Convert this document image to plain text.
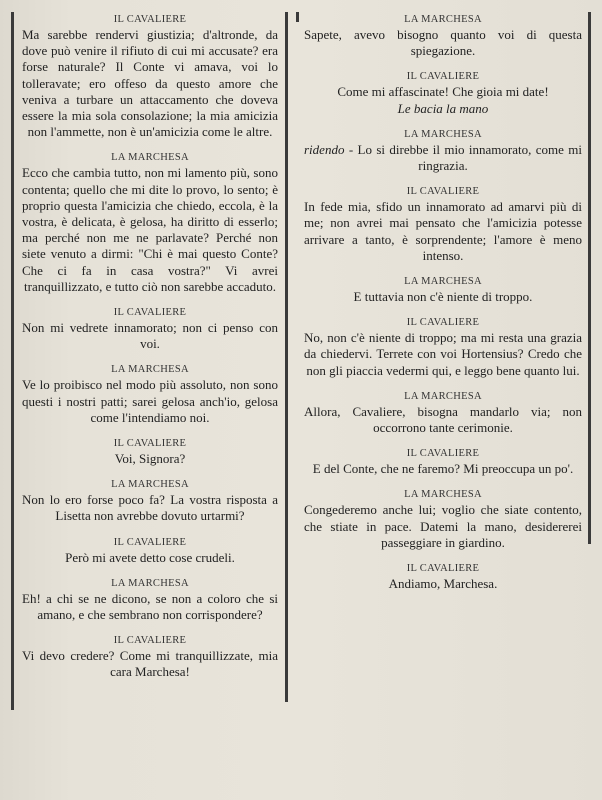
IL CAVALIERE
Ma sarebbe rendervi giustizia; d'altronde, da dove può venire il rifiuto di cui mi accusate? era forse naturale? Il Conte vi amava, voi lo tolleravate; ero offeso da questo amore che veniva a turbare un attaccamento che doveva essere la mia sola consolazione; la mia amicizia non l'ammette, non è un'amicizia come le altre.
LA MARCHESA
Ecco che cambia tutto, non mi lamento più, sono contenta; quello che mi dite lo provo, lo sento; è proprio questa l'amicizia che chiedo, eccola, è la vostra, è delicata, è gelosa, ha diritto di esserlo; ma perché non me ne parlavate? Perché non siete venuto a dirmi: "Chi è mai questo Conte? Che ci fa in casa vostra?" Vi avrei tranquillizzato, e tutto ciò non sarebbe accaduto.
IL CAVALIERE
Non mi vedrete innamorato; non ci penso con voi.
LA MARCHESA
Ve lo proibisco nel modo più assoluto, non sono questi i nostri patti; sarei gelosa anch'io, gelosa come l'intendiamo noi.
IL CAVALIERE
Voi, Signora?
LA MARCHESA
Non lo ero forse poco fa? La vostra risposta a Lisetta non avrebbe dovuto urtarmi?
IL CAVALIERE
Però mi avete detto cose crudeli.
LA MARCHESA
Eh! a chi se ne dicono, se non a coloro che si amano, e che sembrano non corrispondere?
IL CAVALIERE
Vi devo credere? Come mi tranquillizzate, mia cara Marchesa!
LA MARCHESA
Sapete, avevo bisogno quanto voi di questa spiegazione.
IL CAVALIERE
Come mi affascinate! Che gioia mi date!
Le bacia la mano
LA MARCHESA
ridendo - Lo si direbbe il mio innamorato, come mi ringrazia.
IL CAVALIERE
In fede mia, sfido un innamorato ad amarvi più di me; non avrei mai pensato che l'amicizia potesse arrivare a tanto, è sorprendente; l'amore è meno intenso.
LA MARCHESA
E tuttavia non c'è niente di troppo.
IL CAVALIERE
No, non c'è niente di troppo; ma mi resta una grazia da chiedervi. Terrete con voi Hortensius? Credo che non gli piaccia vedermi qui, e leggo bene quanto lui.
LA MARCHESA
Allora, Cavaliere, bisogna mandarlo via; non occorrono tante cerimonie.
IL CAVALIERE
E del Conte, che ne faremo? Mi preoccupa un po'.
LA MARCHESA
Congederemo anche lui; voglio che siate contento, che stiate in pace. Datemi la mano, desidererei passeggiare in giardino.
IL CAVALIERE
Andiamo, Marchesa.
